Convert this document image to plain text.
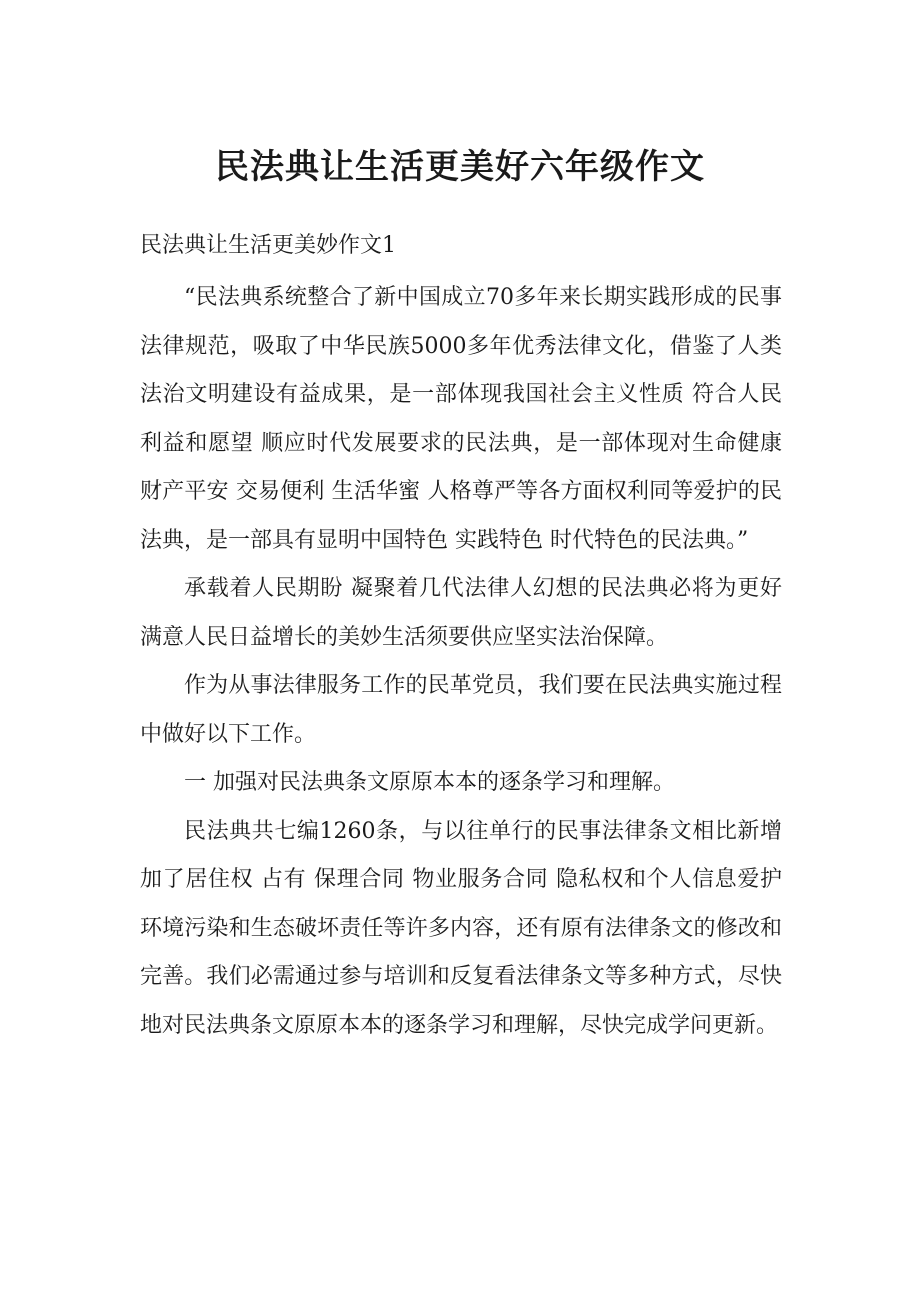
民法典让生活更美好六年级作文
民法典让生活更美妙作文1

“民法典系统整合了新中国成立70多年来长期实践形成的民事法律规范，吸取了中华民族5000多年优秀法律文化，借鉴了人类法治文明建设有益成果，是一部体现我国社会主义性质 符合人民利益和愿望 顺应时代发展要求的民法典，是一部体现对生命健康 财产平安 交易便利 生活华蜜 人格尊严等各方面权利同等爱护的民法典，是一部具有显明中国特色 实践特色 时代特色的民法典。”

承载着人民期盼 凝聚着几代法律人幻想的民法典必将为更好满意人民日益增长的美妙生活须要供应坚实法治保障。

作为从事法律服务工作的民革党员，我们要在民法典实施过程中做好以下工作。

一 加强对民法典条文原原本本的逐条学习和理解。

民法典共七编1260条，与以往单行的民事法律条文相比新增加了居住权 占有 保理合同 物业服务合同 隐私权和个人信息爱护 环境污染和生态破坏责任等许多内容，还有原有法律条文的修改和完善。我们必需通过参与培训和反复看法律条文等多种方式，尽快地对民法典条文原原本本的逐条学习和理解，尽快完成学问更新。
